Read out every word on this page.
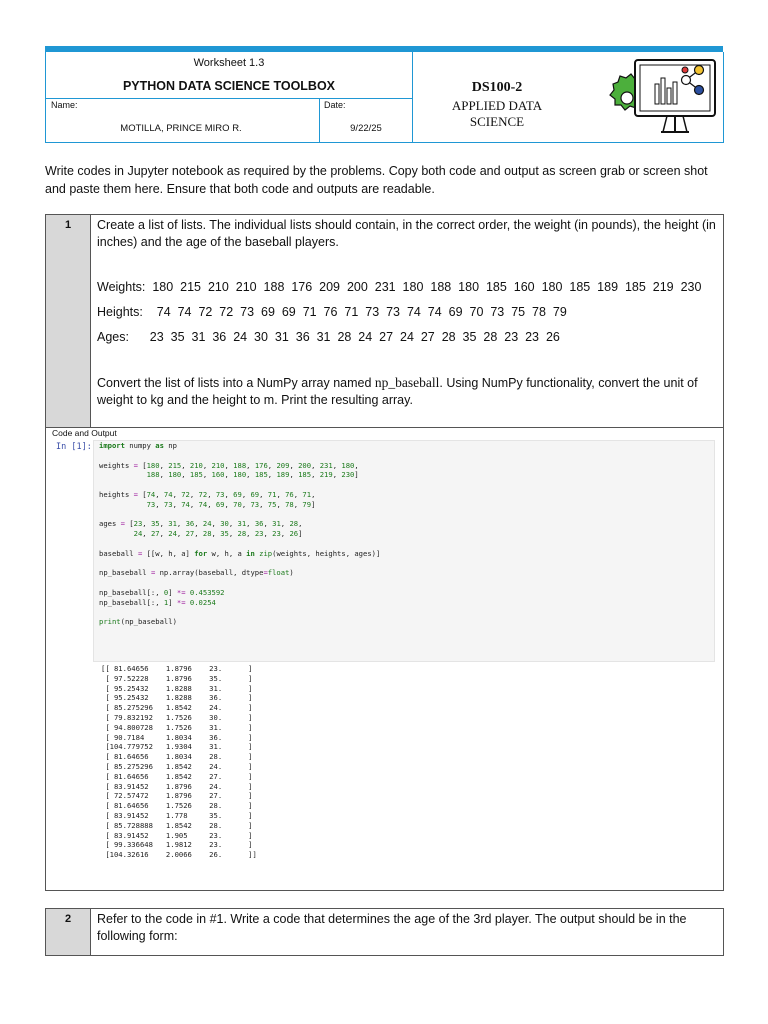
Worksheet 1.3
PYTHON DATA SCIENCE TOOLBOX
Name:	Date:
MOTILLA, PRINCE MIRO R.	9/22/25
DS100-2
APPLIED DATA SCIENCE
Write codes in Jupyter notebook as required by the problems. Copy both code and output as screen grab or screen shot and paste them here. Ensure that both code and outputs are readable.
1	Create a list of lists. The individual lists should contain, in the correct order, the weight (in pounds), the height (in inches) and the age of the baseball players.
Weights:  180  215  210  210  188  176  209  200  231  180  188  180  185  160  180  185  189  185  219  230
Heights:    74  74  72  72  73  69  69  71  76  71  73  73  74  74  69  70  73  75  78  79
Ages:      23  35  31  36  24  30  31  36  31  28  24  27  24  27  28  35  28  23  23  26
Convert the list of lists into a NumPy array named np_baseball. Using NumPy functionality, convert the unit of weight to kg and the height to m. Print the resulting array.
Code and Output
In [1]: import numpy as np

weights = [180, 215, 210, 210, 188, 176, 209, 200, 231, 180,
188, 180, 185, 160, 180, 185, 189, 185, 219, 230]

heights = [74, 74, 72, 72, 73, 69, 69, 71, 76, 71,
73, 73, 74, 74, 69, 70, 73, 75, 78, 79]

ages = [23, 35, 31, 36, 24, 30, 31, 36, 31, 28,
24, 27, 24, 27, 28, 35, 28, 23, 23, 26]

baseball = [[w, h, a] for w, h, a in zip(weights, heights, ages)]

np_baseball = np.array(baseball, dtype=float)

np_baseball[:, 0] *= 0.453592
np_baseball[:, 1] *= 0.0254

print(np_baseball)
[[ 81.64656    1.8796    23.      ]
[ 97.52228    1.8796    35.      ]
[ 95.25432    1.8288    31.      ]
[ 95.25432    1.8288    36.      ]
[ 85.275296   1.8542    24.      ]
[ 79.832192   1.7526    30.      ]
[ 94.800728   1.7526    31.      ]
[ 90.7184     1.8034    36.      ]
[104.779752   1.9304    31.      ]
[ 81.64656    1.8034    28.      ]
[ 85.275296   1.8542    24.      ]
[ 81.64656    1.8542    27.      ]
[ 83.91452    1.8796    24.      ]
[ 72.57472    1.8796    27.      ]
[ 81.64656    1.7526    28.      ]
[ 83.91452    1.778     35.      ]
[ 85.728888   1.8542    28.      ]
[ 83.91452    1.905     23.      ]
[ 99.336648   1.9812    23.      ]
[104.32616    2.0066    26.      ]]
2	Refer to the code in #1. Write a code that determines the age of the 3rd player. The output should be in the following form:
